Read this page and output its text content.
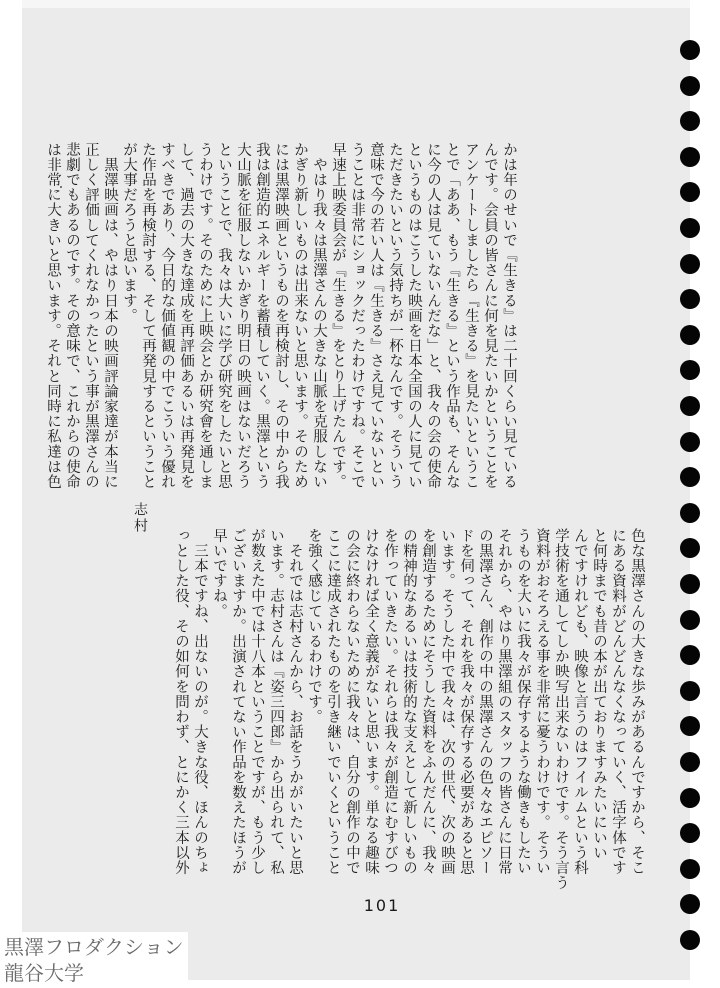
かは年のせいで『生きる』は二十回くらい見ている
んです。会員の皆さんに何を見たいかということを
アンケートしましたら『生きる』を見たいというこ
とで「ああ、もう『生きる』という作品も、そんな
に今の人は見ていないんだな」と、我々の会の使命
というものはこうした映画を日本全国の人に見てい
ただきたいという気持ちが一杯なんです。そういう
意味で今の若い人は『生きる』さえ見ていないとい
うことは非常にショックだったわけですね。そこで
早速上映委員会が『生きる』をとり上げたんです。
　やはり我々は黒澤さんの大きな山脈を克服しない
かぎり新しいものは出来ないと思います。そのため
には黒澤映画というものを再検討し、その中から我
我は創造的エネルギーを蓄積していく。黒澤という
大山脈を征服しないかぎり明日の映画はないだろう
ということで、我々は大いに学び研究をしたいと思
うわけです。そのために上映会とか研究會を通しま
して、過去の大きな達成を再評価あるいは再発見を
すべきであり、今日的な価値観の中でこういう優れ
た作品を再検討する、そして再発見するということ
が大事だろうと思います。
　黒澤映画は、やはり日本の映画評論家達が本当に
正しく評価してくれなかったという事が黒澤さんの
悲劇でもあるのです。その意味で、これからの使命
は非常に大きいと思います。それと同時に私達は色
志村
色な黒澤さんの大きな歩みがあるんですから、そこ
にある資料がどんどんなくなっていく、活字体です
と何時までも昔の本が出ておりますみたいにいい
んですけれども、映像と言うのはフイルムという科
学技術を通してしか映写出来ないわけです。そう言う
資料がおそろえる事を非常に憂うわけです。そうい
うものを大いに我々が保存するような働きもしたい
それから、やはり黒澤組のスタッフの皆さんに日常
の黒澤さん、創作の中の黒澤さんの色々なエピソー
ドを伺って、それを我々が保存する必要があると思
います。そうした中で我々は、次の世代、次の映画
を創造するためにそうした資料をふんだんに、我々
の精神的なあるいは技術的な支えとして新しいもの
を作っていきたい。それらは我々が創造にむすびつ
けなければ全く意義がないと思います。単なる趣味
の会に終わらないために我々は、自分の創作の中で
ここに達成されたものを引き継いでいくということ
を強く感じているわけです。
　それでは志村さんから、お話をうかがいたいと思
います。志村さんは『姿三四郎』から出られて、私
が数えた中では十八本ということですが、もう少し
ございますか。出演されてない作品を数えたほうが
早いですね。
　三本ですね、出ないのが。大きな役、ほんのちょ
っとした役、その如何を問わず、とにかく三本以外
101
黒澤フロダクション
龍谷大学
